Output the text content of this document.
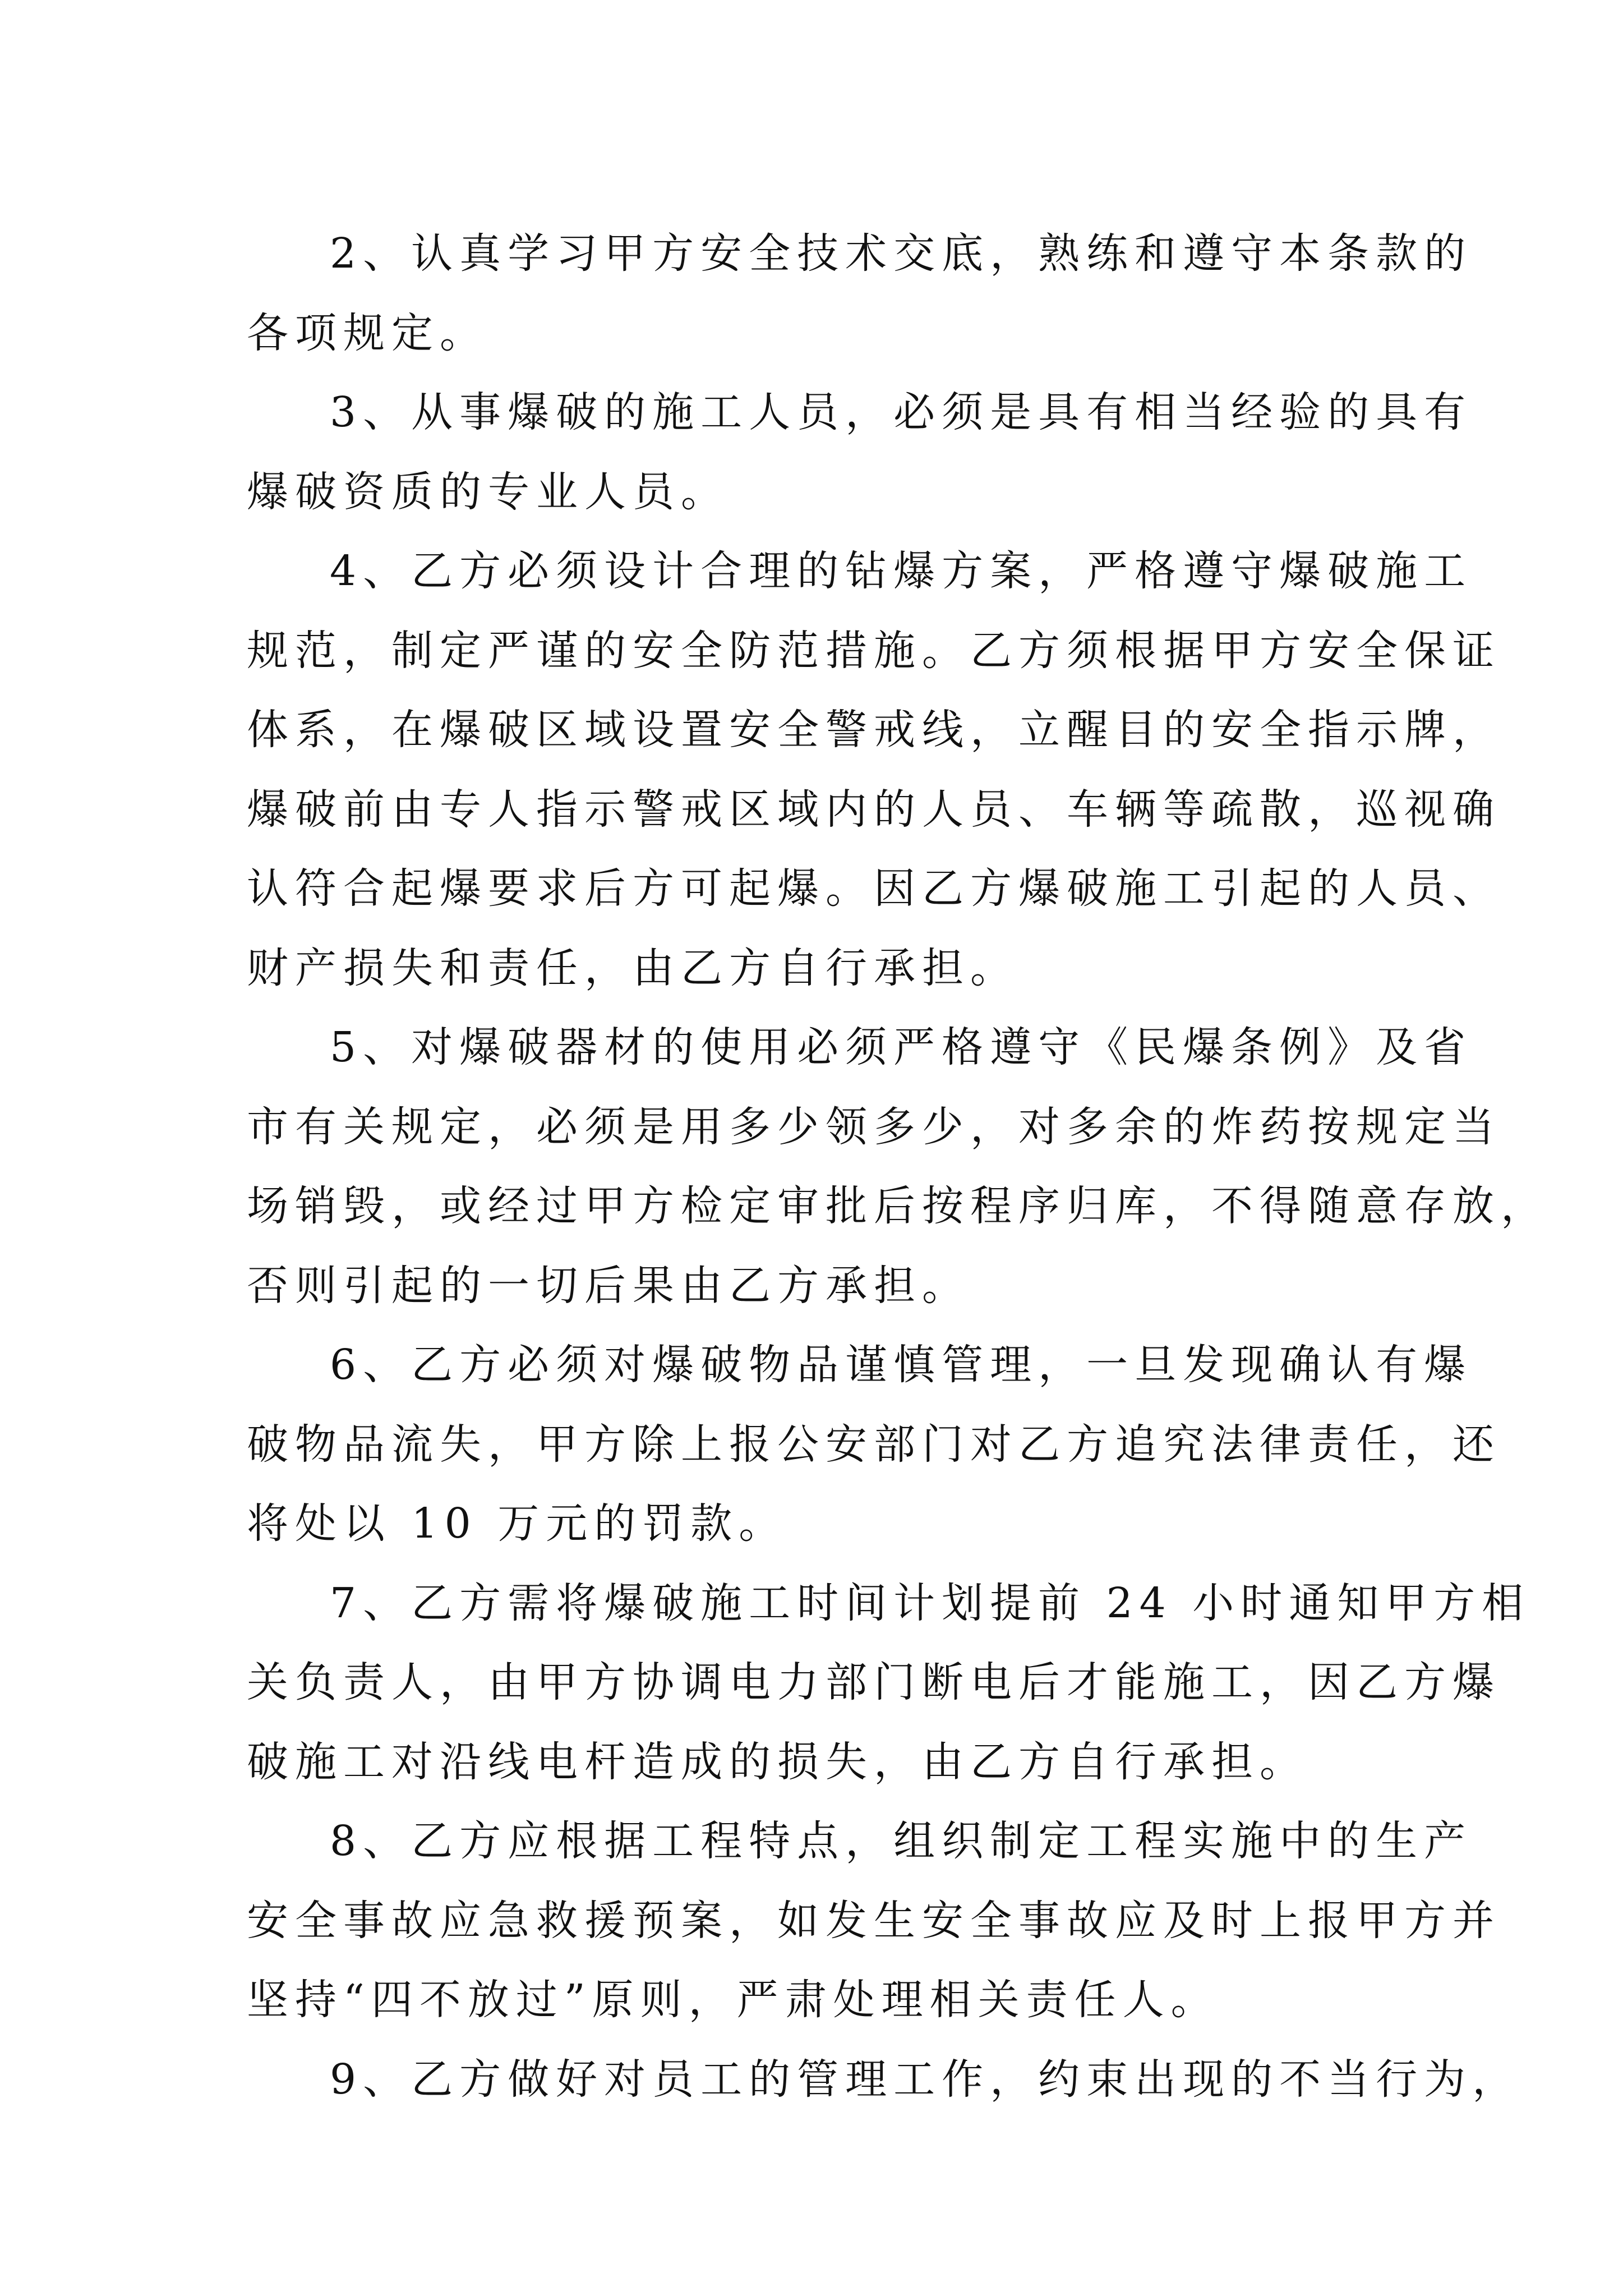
2、认真学习甲方安全技术交底，熟练和遵守本条款的
各项规定。
3、从事爆破的施工人员，必须是具有相当经验的具有
爆破资质的专业人员。
4、乙方必须设计合理的钻爆方案，严格遵守爆破施工
规范，制定严谨的安全防范措施。乙方须根据甲方安全保证
体系，在爆破区域设置安全警戒线，立醒目的安全指示牌，
爆破前由专人指示警戒区域内的人员、车辆等疏散，巡视确
认符合起爆要求后方可起爆。因乙方爆破施工引起的人员、
财产损失和责任，由乙方自行承担。
5、对爆破器材的使用必须严格遵守《民爆条例》及省
市有关规定，必须是用多少领多少，对多余的炸药按规定当
场销毁，或经过甲方检定审批后按程序归库，不得随意存放，
否则引起的一切后果由乙方承担。
6、乙方必须对爆破物品谨慎管理，一旦发现确认有爆
破物品流失，甲方除上报公安部门对乙方追究法律责任，还
将处以 10 万元的罚款。
7、乙方需将爆破施工时间计划提前 24 小时通知甲方相
关负责人，由甲方协调电力部门断电后才能施工，因乙方爆
破施工对沿线电杆造成的损失，由乙方自行承担。
8、乙方应根据工程特点，组织制定工程实施中的生产
安全事故应急救援预案，如发生安全事故应及时上报甲方并
坚持“四不放过”原则，严肃处理相关责任人。
9、乙方做好对员工的管理工作，约束出现的不当行为，
